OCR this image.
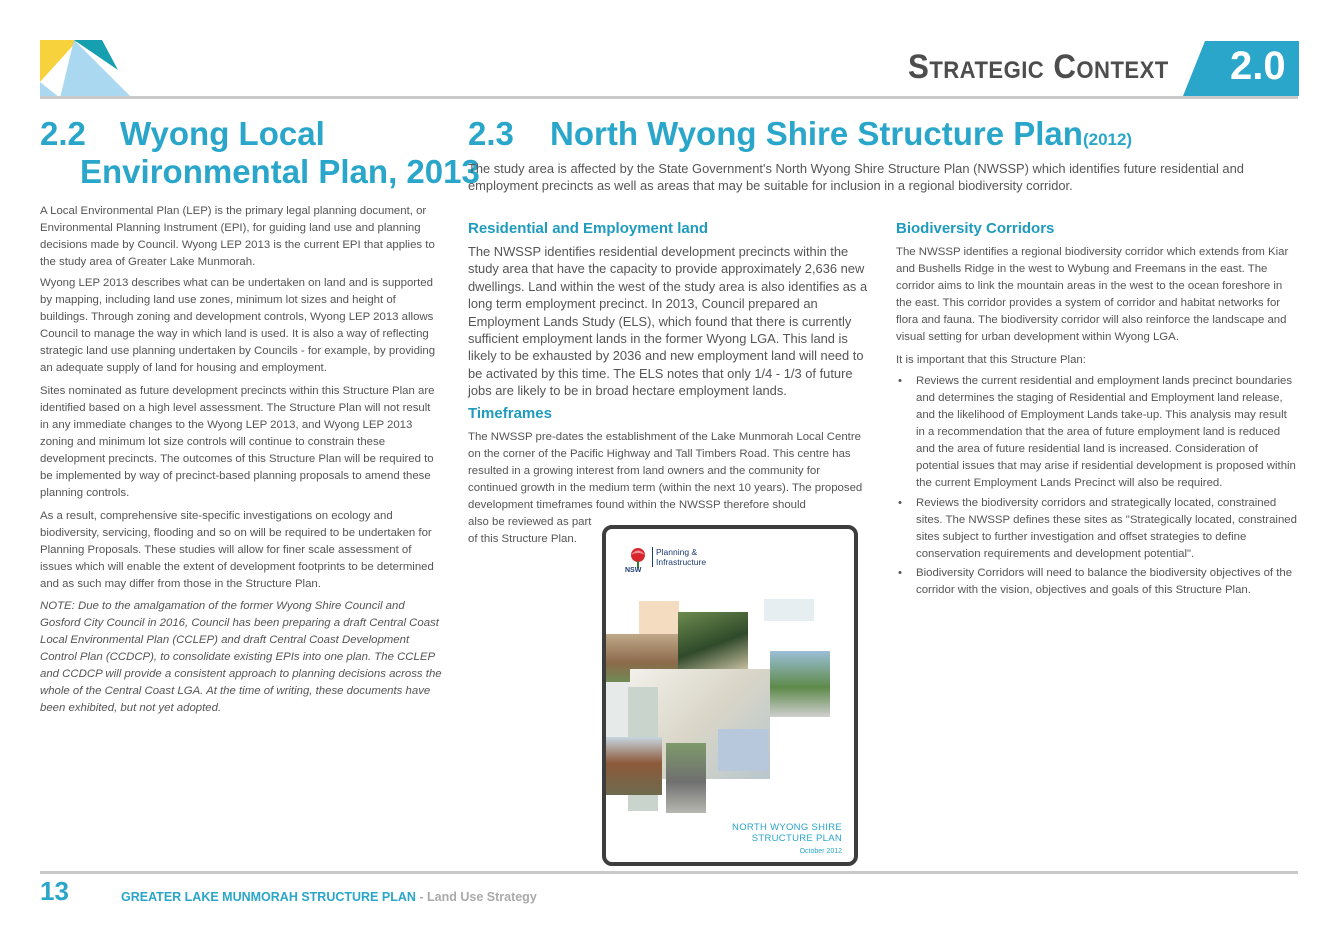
Strategic Context 2.0
2.2 Wyong Local
Environmental Plan, 2013
A Local Environmental Plan (LEP) is the primary legal planning document, or Environmental Planning Instrument (EPI), for guiding land use and planning decisions made by Council. Wyong LEP 2013 is the current EPI that applies to the study area of Greater Lake Munmorah.
Wyong LEP 2013 describes what can be undertaken on land and is supported by mapping, including land use zones, minimum lot sizes and height of buildings. Through zoning and development controls, Wyong LEP 2013 allows Council to manage the way in which land is used. It is also a way of reflecting strategic land use planning undertaken by Councils - for example, by providing an adequate supply of land for housing and employment.
Sites nominated as future development precincts within this Structure Plan are identified based on a high level assessment. The Structure Plan will not result in any immediate changes to the Wyong LEP 2013, and Wyong LEP 2013 zoning and minimum lot size controls will continue to constrain these development precincts. The outcomes of this Structure Plan will be required to be implemented by way of precinct-based planning proposals to amend these planning controls.
As a result, comprehensive site-specific investigations on ecology and biodiversity, servicing, flooding and so on will be required to be undertaken for Planning Proposals. These studies will allow for finer scale assessment of issues which will enable the extent of development footprints to be determined and as such may differ from those in the Structure Plan.
NOTE: Due to the amalgamation of the former Wyong Shire Council and Gosford City Council in 2016, Council has been preparing a draft Central Coast Local Environmental Plan (CCLEP) and draft Central Coast Development Control Plan (CCDCP), to consolidate existing EPIs into one plan. The CCLEP and CCDCP will provide a consistent approach to planning decisions across the whole of the Central Coast LGA. At the time of writing, these documents have been exhibited, but not yet adopted.
2.3 North Wyong Shire Structure Plan(2012)
The study area is affected by the State Government's North Wyong Shire Structure Plan (NWSSP) which identifies future residential and employment precincts as well as areas that may be suitable for inclusion in a regional biodiversity corridor.
Residential and Employment land
The NWSSP identifies residential development precincts within the study area that have the capacity to provide approximately 2,636 new dwellings. Land within the west of the study area is also identifies as a long term employment precinct. In 2013, Council prepared an Employment Lands Study (ELS), which found that there is currently sufficient employment lands in the former Wyong LGA. This land is likely to be exhausted by 2036 and new employment land will need to be activated by this time. The ELS notes that only 1/4 - 1/3 of future jobs are likely to be in broad hectare employment lands.
Timeframes
The NWSSP pre-dates the establishment of the Lake Munmorah Local Centre on the corner of the Pacific Highway and Tall Timbers Road. This centre has resulted in a growing interest from land owners and the community for continued growth in the medium term (within the next 10 years). The proposed development timeframes found within the NWSSP therefore should
also be reviewed as part
of this Structure Plan.
Biodiversity Corridors
The NWSSP identifies a regional biodiversity corridor which extends from Kiar and Bushells Ridge in the west to Wybung and Freemans in the east. The corridor aims to link the mountain areas in the west to the ocean foreshore in the east. This corridor provides a system of corridor and habitat networks for flora and fauna. The biodiversity corridor will also reinforce the landscape and visual setting for urban development within Wyong LGA.
It is important that this Structure Plan:
• Reviews the current residential and employment lands precinct boundaries and determines the staging of Residential and Employment land release, and the likelihood of Employment Lands take-up. This analysis may result in a recommendation that the area of future employment land is reduced and the area of future residential land is increased. Consideration of potential issues that may arise if residential development is proposed within the current Employment Lands Precinct will also be required.
• Reviews the biodiversity corridors and strategically located, constrained sites. The NWSSP defines these sites as "Strategically located, constrained sites subject to further investigation and offset strategies to define conservation requirements and development potential".
• Biodiversity Corridors will need to balance the biodiversity objectives of the corridor with the vision, objectives and goals of this Structure Plan.
NSW
Planning &
Infrastructure
NORTH WYONG SHIRE
STRUCTURE PLAN
October 2012
13	GREATER LAKE MUNMORAH STRUCTURE PLAN - Land Use Strategy
